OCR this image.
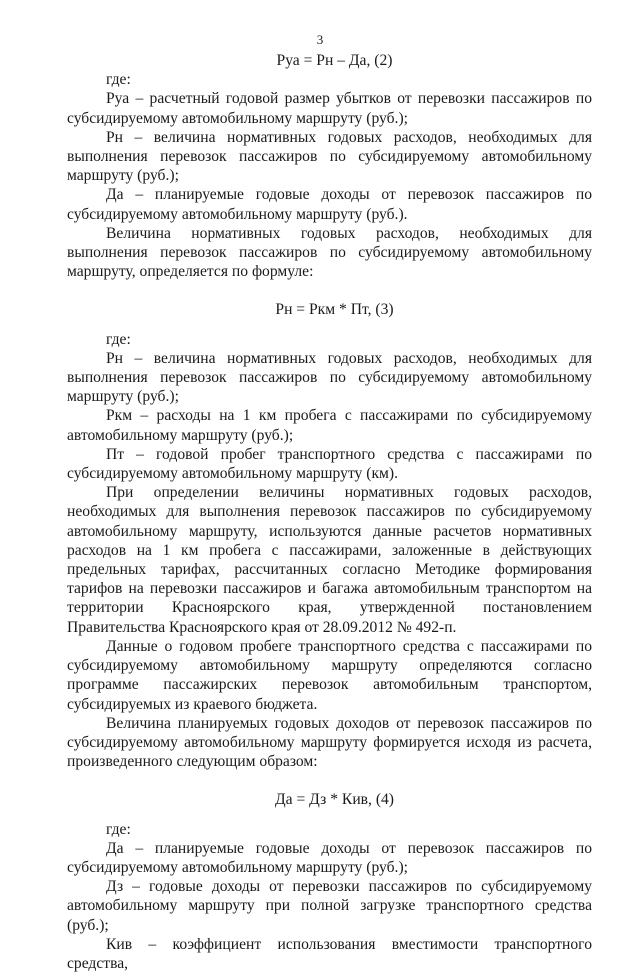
3

Руа = Рн – Да, (2)

где:

Руа – расчетный годовой размер убытков от перевозки пассажиров по субсидируемому автомобильному маршруту (руб.);

Рн – величина нормативных годовых расходов, необходимых для выполнения перевозок пассажиров по субсидируемому автомобильному маршруту (руб.);

Да – планируемые годовые доходы от перевозок пассажиров по субсидируемому автомобильному маршруту (руб.).

Величина нормативных годовых расходов, необходимых для выполнения перевозок пассажиров по субсидируемому автомобильному маршруту, определяется по формуле:

Рн = Ркм * Пт, (3)

где:

Рн – величина нормативных годовых расходов, необходимых для выполнения перевозок пассажиров по субсидируемому автомобильному маршруту (руб.);

Ркм – расходы на 1 км пробега с пассажирами по субсидируемому автомобильному маршруту (руб.);

Пт – годовой пробег транспортного средства с пассажирами по субсидируемому автомобильному маршруту (км).

При определении величины нормативных годовых расходов, необходимых для выполнения перевозок пассажиров по субсидируемому автомобильному маршруту, используются данные расчетов нормативных расходов на 1 км пробега с пассажирами, заложенные в действующих предельных тарифах, рассчитанных согласно Методике формирования тарифов на перевозки пассажиров и багажа автомобильным транспортом на территории Красноярского края, утвержденной постановлением Правительства Красноярского края от 28.09.2012 № 492-п.

Данные о годовом пробеге транспортного средства с пассажирами по субсидируемому автомобильному маршруту определяются согласно программе пассажирских перевозок автомобильным транспортом, субсидируемых из краевого бюджета.

Величина планируемых годовых доходов от перевозок пассажиров по субсидируемому автомобильному маршруту формируется исходя из расчета, произведенного следующим образом:

Да = Дз * Кив, (4)

где:

Да – планируемые годовые доходы от перевозок пассажиров по субсидируемому автомобильному маршруту (руб.);

Дз – годовые доходы от перевозки пассажиров по субсидируемому автомобильному маршруту при полной загрузке транспортного средства (руб.);

Кив – коэффициент использования вместимости транспортного средства,
